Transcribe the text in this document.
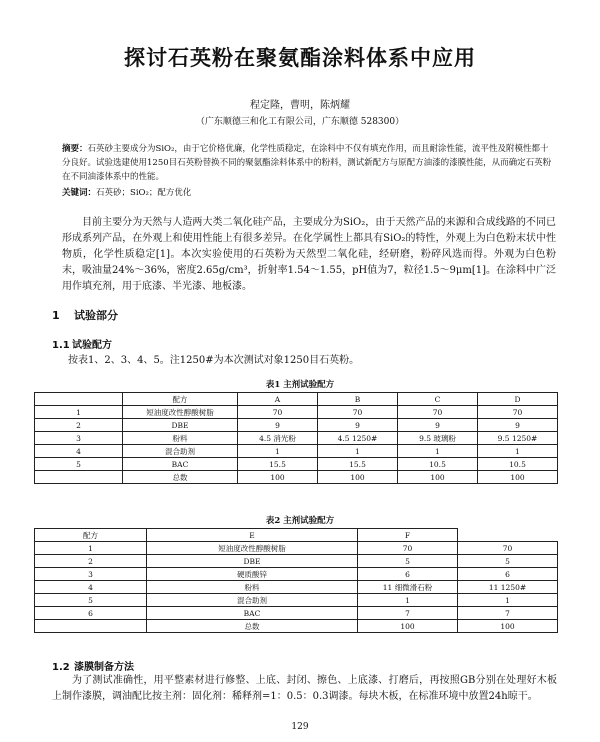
探讨石英粉在聚氨酯涂料体系中应用
程定隆，曹明，陈炳耀
（广东顺德三和化工有限公司，广东顺德 528300）
摘要：石英砂主要成分为SiO₂，由于它价格优廉，化学性质稳定，在涂料中不仅有填充作用，而且耐涂性能，流平性及附模性都十分良好。试验选建使用1250目石英粉替换不同的聚氨酯涂料体系中的粉料，测试新配方与原配方油漆的漆膜性能，从而确定石英粉在不同油漆体系中的性能。
关键词：石英砂；SiO₂；配方优化
目前主要分为天然与人造两大类二氧化硅产品，主要成分为SiO₂，由于天然产品的来源和合成线路的不同已形成系列产品，在外观上和使用性能上有很多差异。在化学属性上都具有SiO₂的特性，外观上为白色粉末状中性物质，化学性质稳定[1]。本次实验使用的石英粉为天然型二氧化硅，经研磨，粉碎风选而得。外观为白色粉末，吸油量24%～36%，密度2.65g/cm³，折射率1.54～1.55，pH值为7，粒径1.5～9μm[1]。在涂料中广泛用作填充剂，用于底漆、半光漆、地板漆。
1 试验部分
1.1 试验配方
按表1、2、3、4、5。注1250#为本次测试对象1250目石英粉。
表1 主剂试验配方
	配方	A	B	C	D
1	短油度改性醇酸树脂	70	70	70	70
2	DBE	9	9	9	9
3	粉料	4.5 消光粉	4.5 1250#	9.5 玻璃粉	9.5 1250#
4	混合助剂	1	1	1	1
5	BAC	15.5	15.5	10.5	10.5
	总数	100	100	100	100
表2 主剂试验配方
配方	E	F	
1	短油度改性醇酸树脂	70	70
2	DBE	5	5
3	硬质酸锌	6	6
4	粉料	11 细微滑石粉	11 1250#
5	混合助剂	1	1
6	BAC	7	7
	总数	100	100
1.2 漆膜制备方法
为了测试准确性，用平整素材进行修整、上底、封闭、擦色、上底漆、打磨后，再按照GB分别在处理好木板上制作漆膜，调油配比按主剂：固化剂：稀释剂=1：0.5：0.3调漆。每块木板，在标准环境中放置24h晾干。
129
